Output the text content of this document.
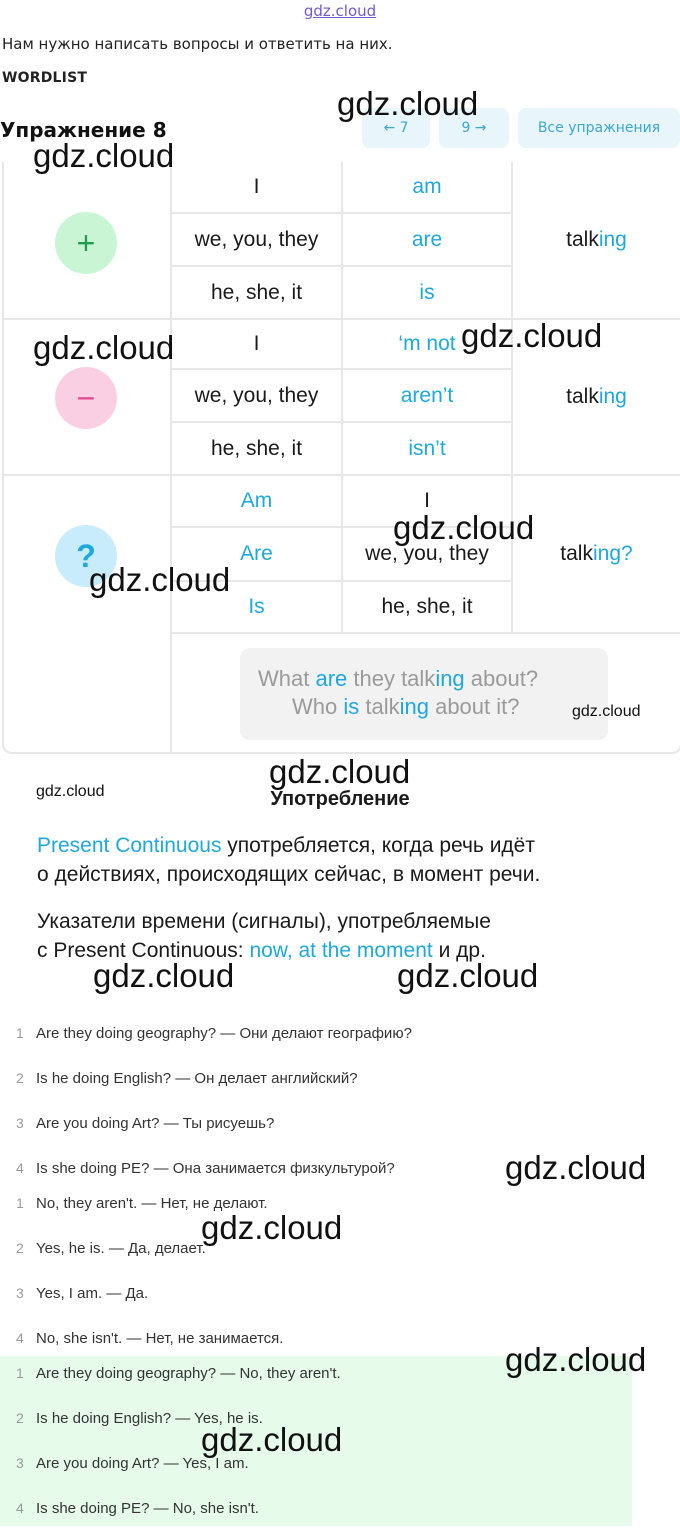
gdz.cloud
Нам нужно написать вопросы и ответить на них.
WORDLIST
Упражнение 8	← 7	9 →	Все упражнения
+
I	am
we, you, they	are
he, she, it	is
talk ing
−
I	‘m not
we, you, they	aren’t
he, she, it	isn’t
talk ing
?
Am	I
Are	we, you, they
Is	he, she, it
talk ing?
What are they talking about?
Who is talking about it?
Употребление
Present Continuous употребляется, когда речь идёт
о действиях, происходящих сейчас, в момент речи.
Указатели времени (сигналы), употребляемые
с Present Continuous: now, at the moment и др.
1 Are they doing geography? — Они делают географию?
2 Is he doing English? — Он делает английский?
3 Are you doing Art? — Ты рисуешь?
4 Is she doing PE? — Она занимается физкультурой?
1 No, they aren't. — Нет, не делают.
2 Yes, he is. — Да, делает.
3 Yes, I am. — Да.
4 No, she isn't. — Нет, не занимается.
1 Are they doing geography? — No, they aren't.
2 Is he doing English? — Yes, he is.
3 Are you doing Art? — Yes, I am.
4 Is she doing PE? — No, she isn't.
gdz.cloud
gdz.cloud
gdz.cloud	gdz.cloud
gdz.cloud
gdz.cloud
gdz.cloud
gdz.cloud
gdz.cloud
gdz.cloud	gdz.cloud
gdz.cloud
gdz.cloud
gdz.cloud
gdz.cloud
